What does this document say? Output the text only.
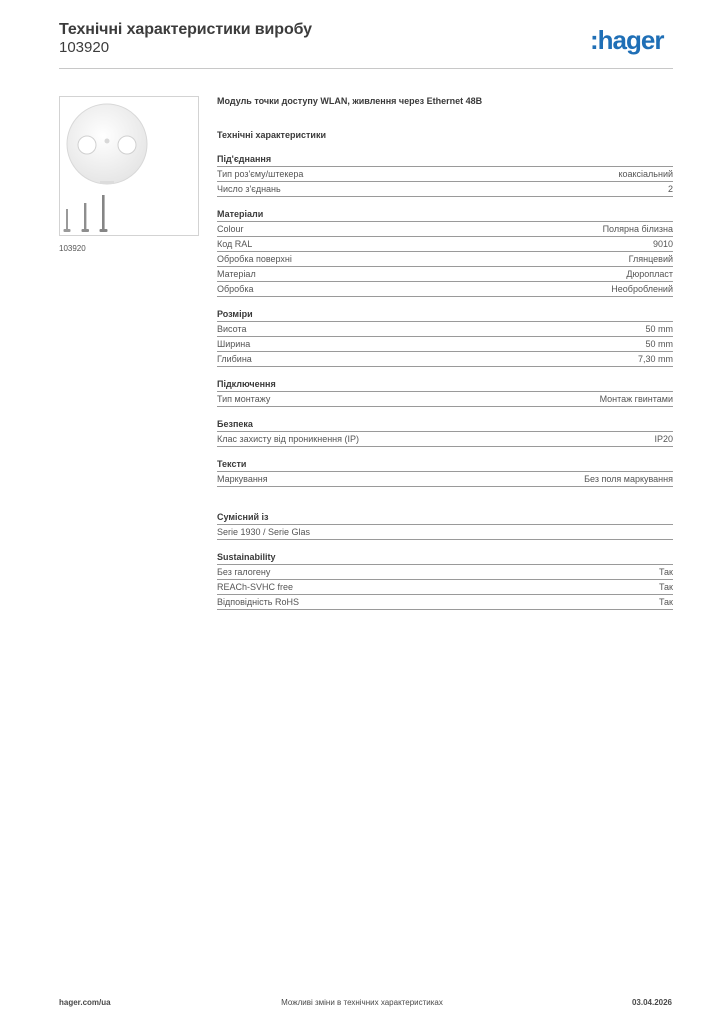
Технічні характеристики виробу
103920	:hager
103920
Модуль точки доступу WLAN, живлення через Ethernet 48В
Технічні характеристики
Під'єднання
Тип роз'єму/штекера	коаксіальний
Число з'єднань	2
Матеріали
Colour	Полярна білизна
Код RAL	9010
Обробка поверхні	Глянцевий
Матеріал	Дюропласт
Обробка	Необроблений
Розміри
Висота	50 mm
Ширина	50 mm
Глибина	7,30 mm
Підключення
Тип монтажу	Монтаж гвинтами
Безпека
Клас захисту від проникнення (IP)	IP20
Тексти
Маркування	Без поля маркування
Сумісний із
Serie 1930 / Serie Glas
Sustainability
Без галогену	Так
REACh-SVHC free	Так
Відповідність RoHS	Так
hager.com/ua	Можливі зміни в технічних характеристиках	03.04.2026
